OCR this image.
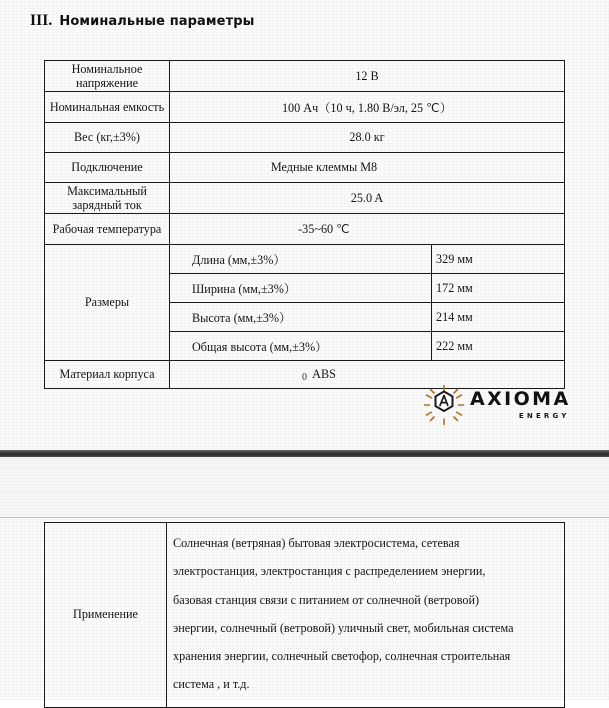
III. Номинальные параметры
Номинальное напряжение	12 В	
Номинальная емкость	100 Ач（10 ч, 1.80 В/эл, 25 ℃）	
Вес (кг,±3%)	28.0 кг	
Подключение	Медные клеммы M8	

Максимальный зарядный ток	25.0 A	
Рабочая температура	-35~60 ℃	

Размеры	Длина (мм,±3%）	329 мм
	Ширина (мм,±3%）	172 мм
	Высота (мм,±3%）	214 мм
	Общая высота (мм,±3%）	222 мм
Материал корпуса	ABS	
0
AXIOMA
ENERGY
Применение	Солнечная (ветряная) бытовая электросистема, сетевая
электростанция, электростанция с распределением энергии,
базовая станция связи с питанием от солнечной (ветровой)
энергии, солнечный (ветровой) уличный свет, мобильная система
хранения энергии, солнечный светофор, солнечная строительная
система , и т.д.
